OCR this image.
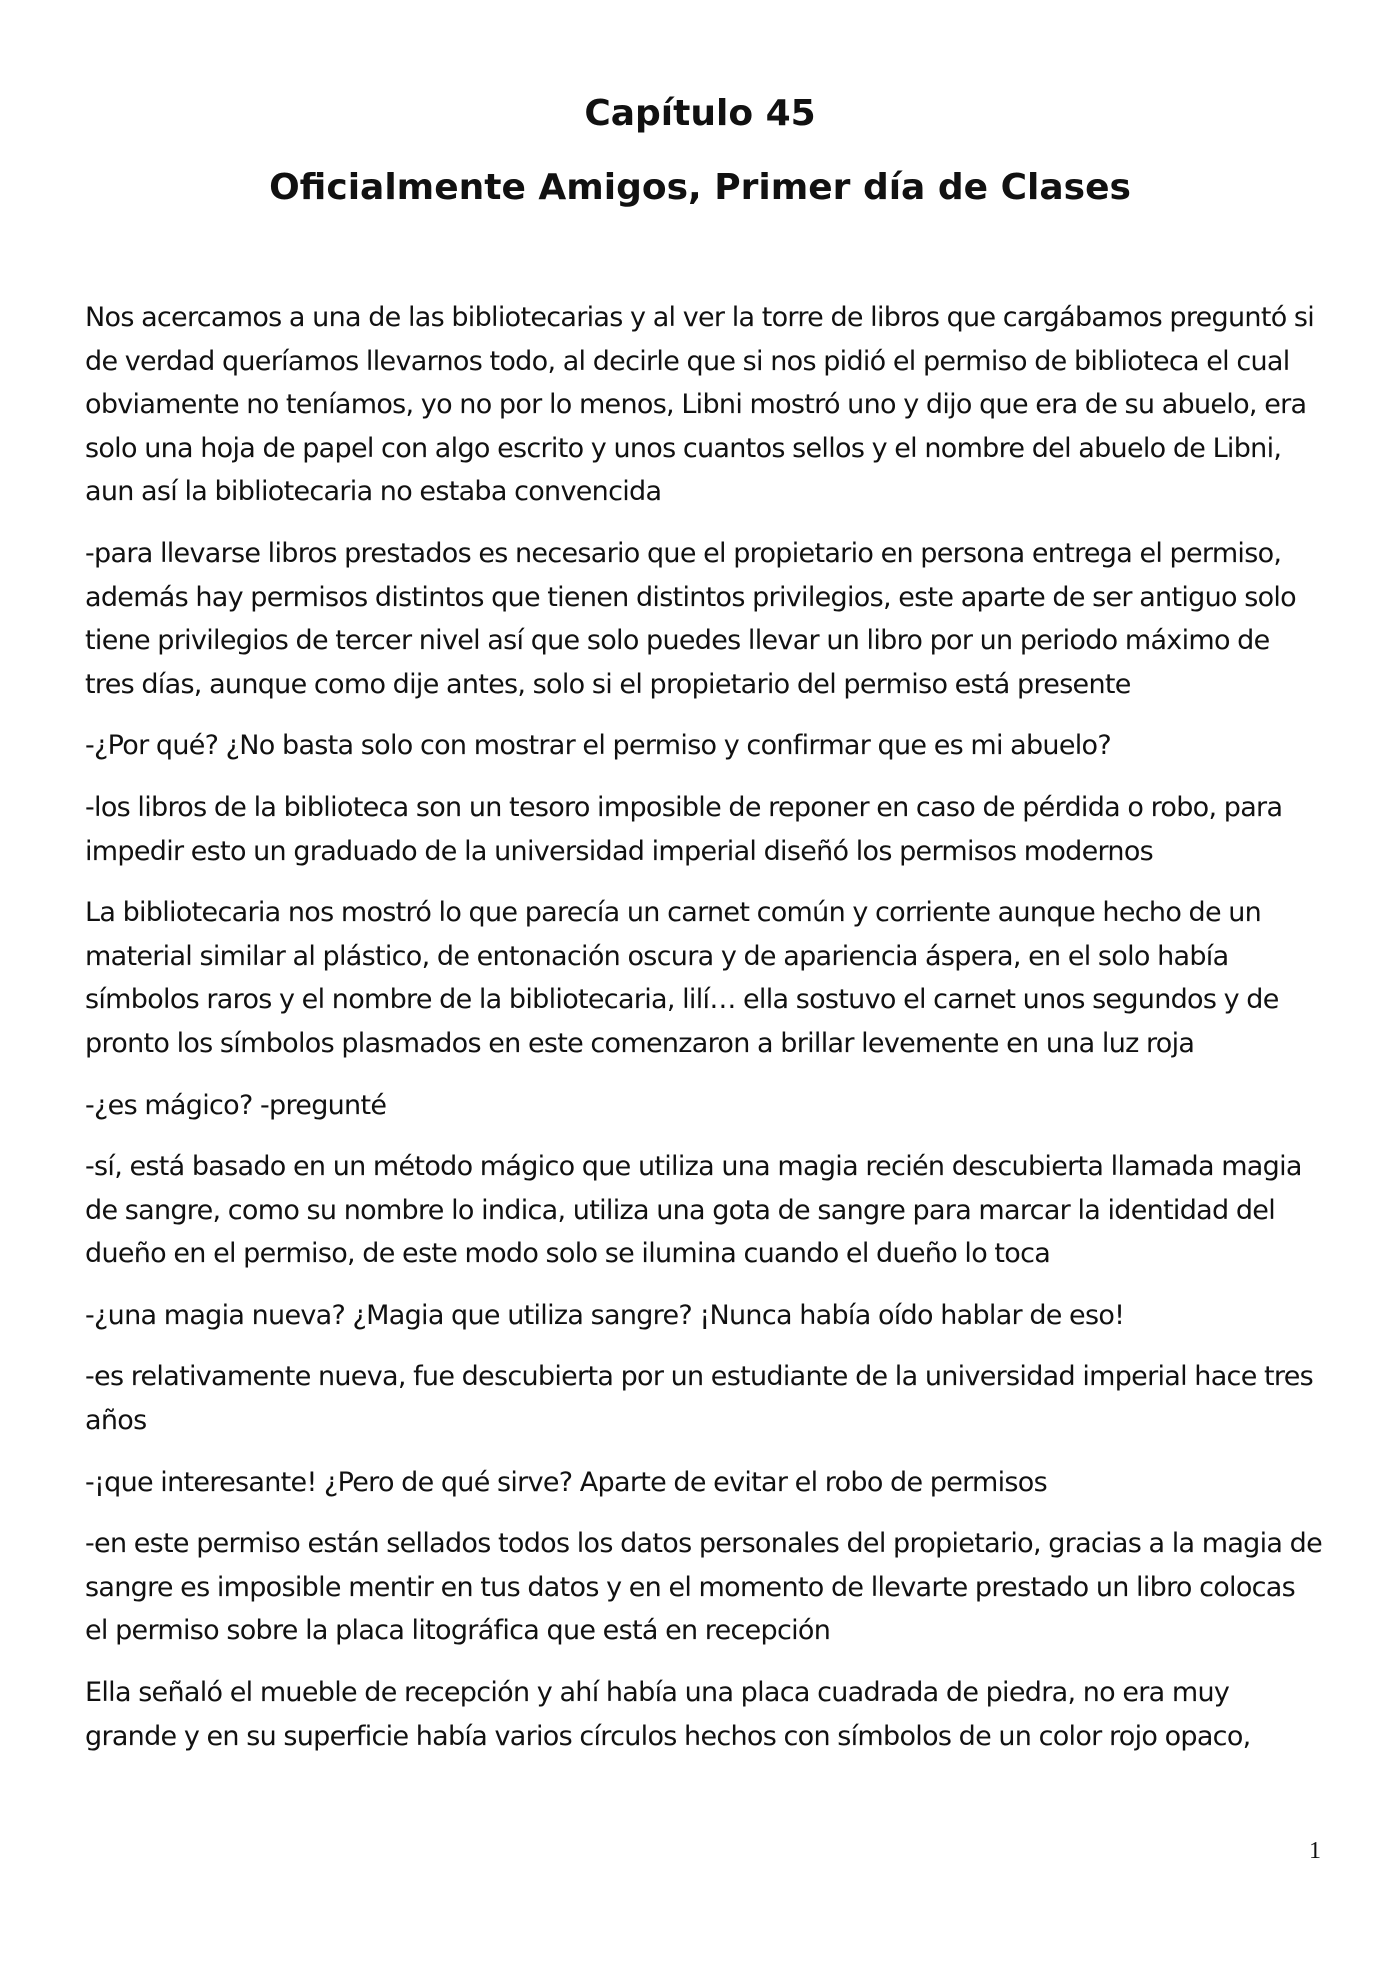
Capítulo 45
Oficialmente Amigos, Primer día de Clases

Nos acercamos a una de las bibliotecarias y al ver la torre de libros que cargábamos preguntó si de verdad queríamos llevarnos todo, al decirle que si nos pidió el permiso de biblioteca el cual obviamente no teníamos, yo no por lo menos, Libni mostró uno y dijo que era de su abuelo, era solo una hoja de papel con algo escrito y unos cuantos sellos y el nombre del abuelo de Libni, aun así la bibliotecaria no estaba convencida

-para llevarse libros prestados es necesario que el propietario en persona entrega el permiso, además hay permisos distintos que tienen distintos privilegios, este aparte de ser antiguo solo tiene privilegios de tercer nivel así que solo puedes llevar un libro por un periodo máximo de tres días, aunque como dije antes, solo si el propietario del permiso está presente

-¿Por qué? ¿No basta solo con mostrar el permiso y confirmar que es mi abuelo?

-los libros de la biblioteca son un tesoro imposible de reponer en caso de pérdida o robo, para impedir esto un graduado de la universidad imperial diseñó los permisos modernos

La bibliotecaria nos mostró lo que parecía un carnet común y corriente aunque hecho de un material similar al plástico, de entonación oscura y de apariencia áspera, en el solo había símbolos raros y el nombre de la bibliotecaria, lilí… ella sostuvo el carnet unos segundos y de pronto los símbolos plasmados en este comenzaron a brillar levemente en una luz roja

-¿es mágico? -pregunté

-sí, está basado en un método mágico que utiliza una magia recién descubierta llamada magia de sangre, como su nombre lo indica, utiliza una gota de sangre para marcar la identidad del dueño en el permiso, de este modo solo se ilumina cuando el dueño lo toca

-¿una magia nueva? ¿Magia que utiliza sangre? ¡Nunca había oído hablar de eso!

-es relativamente nueva, fue descubierta por un estudiante de la universidad imperial hace tres años

-¡que interesante! ¿Pero de qué sirve? Aparte de evitar el robo de permisos

-en este permiso están sellados todos los datos personales del propietario, gracias a la magia de sangre es imposible mentir en tus datos y en el momento de llevarte prestado un libro colocas el permiso sobre la placa litográfica que está en recepción

Ella señaló el mueble de recepción y ahí había una placa cuadrada de piedra, no era muy grande y en su superficie había varios círculos hechos con símbolos de un color rojo opaco,

1
